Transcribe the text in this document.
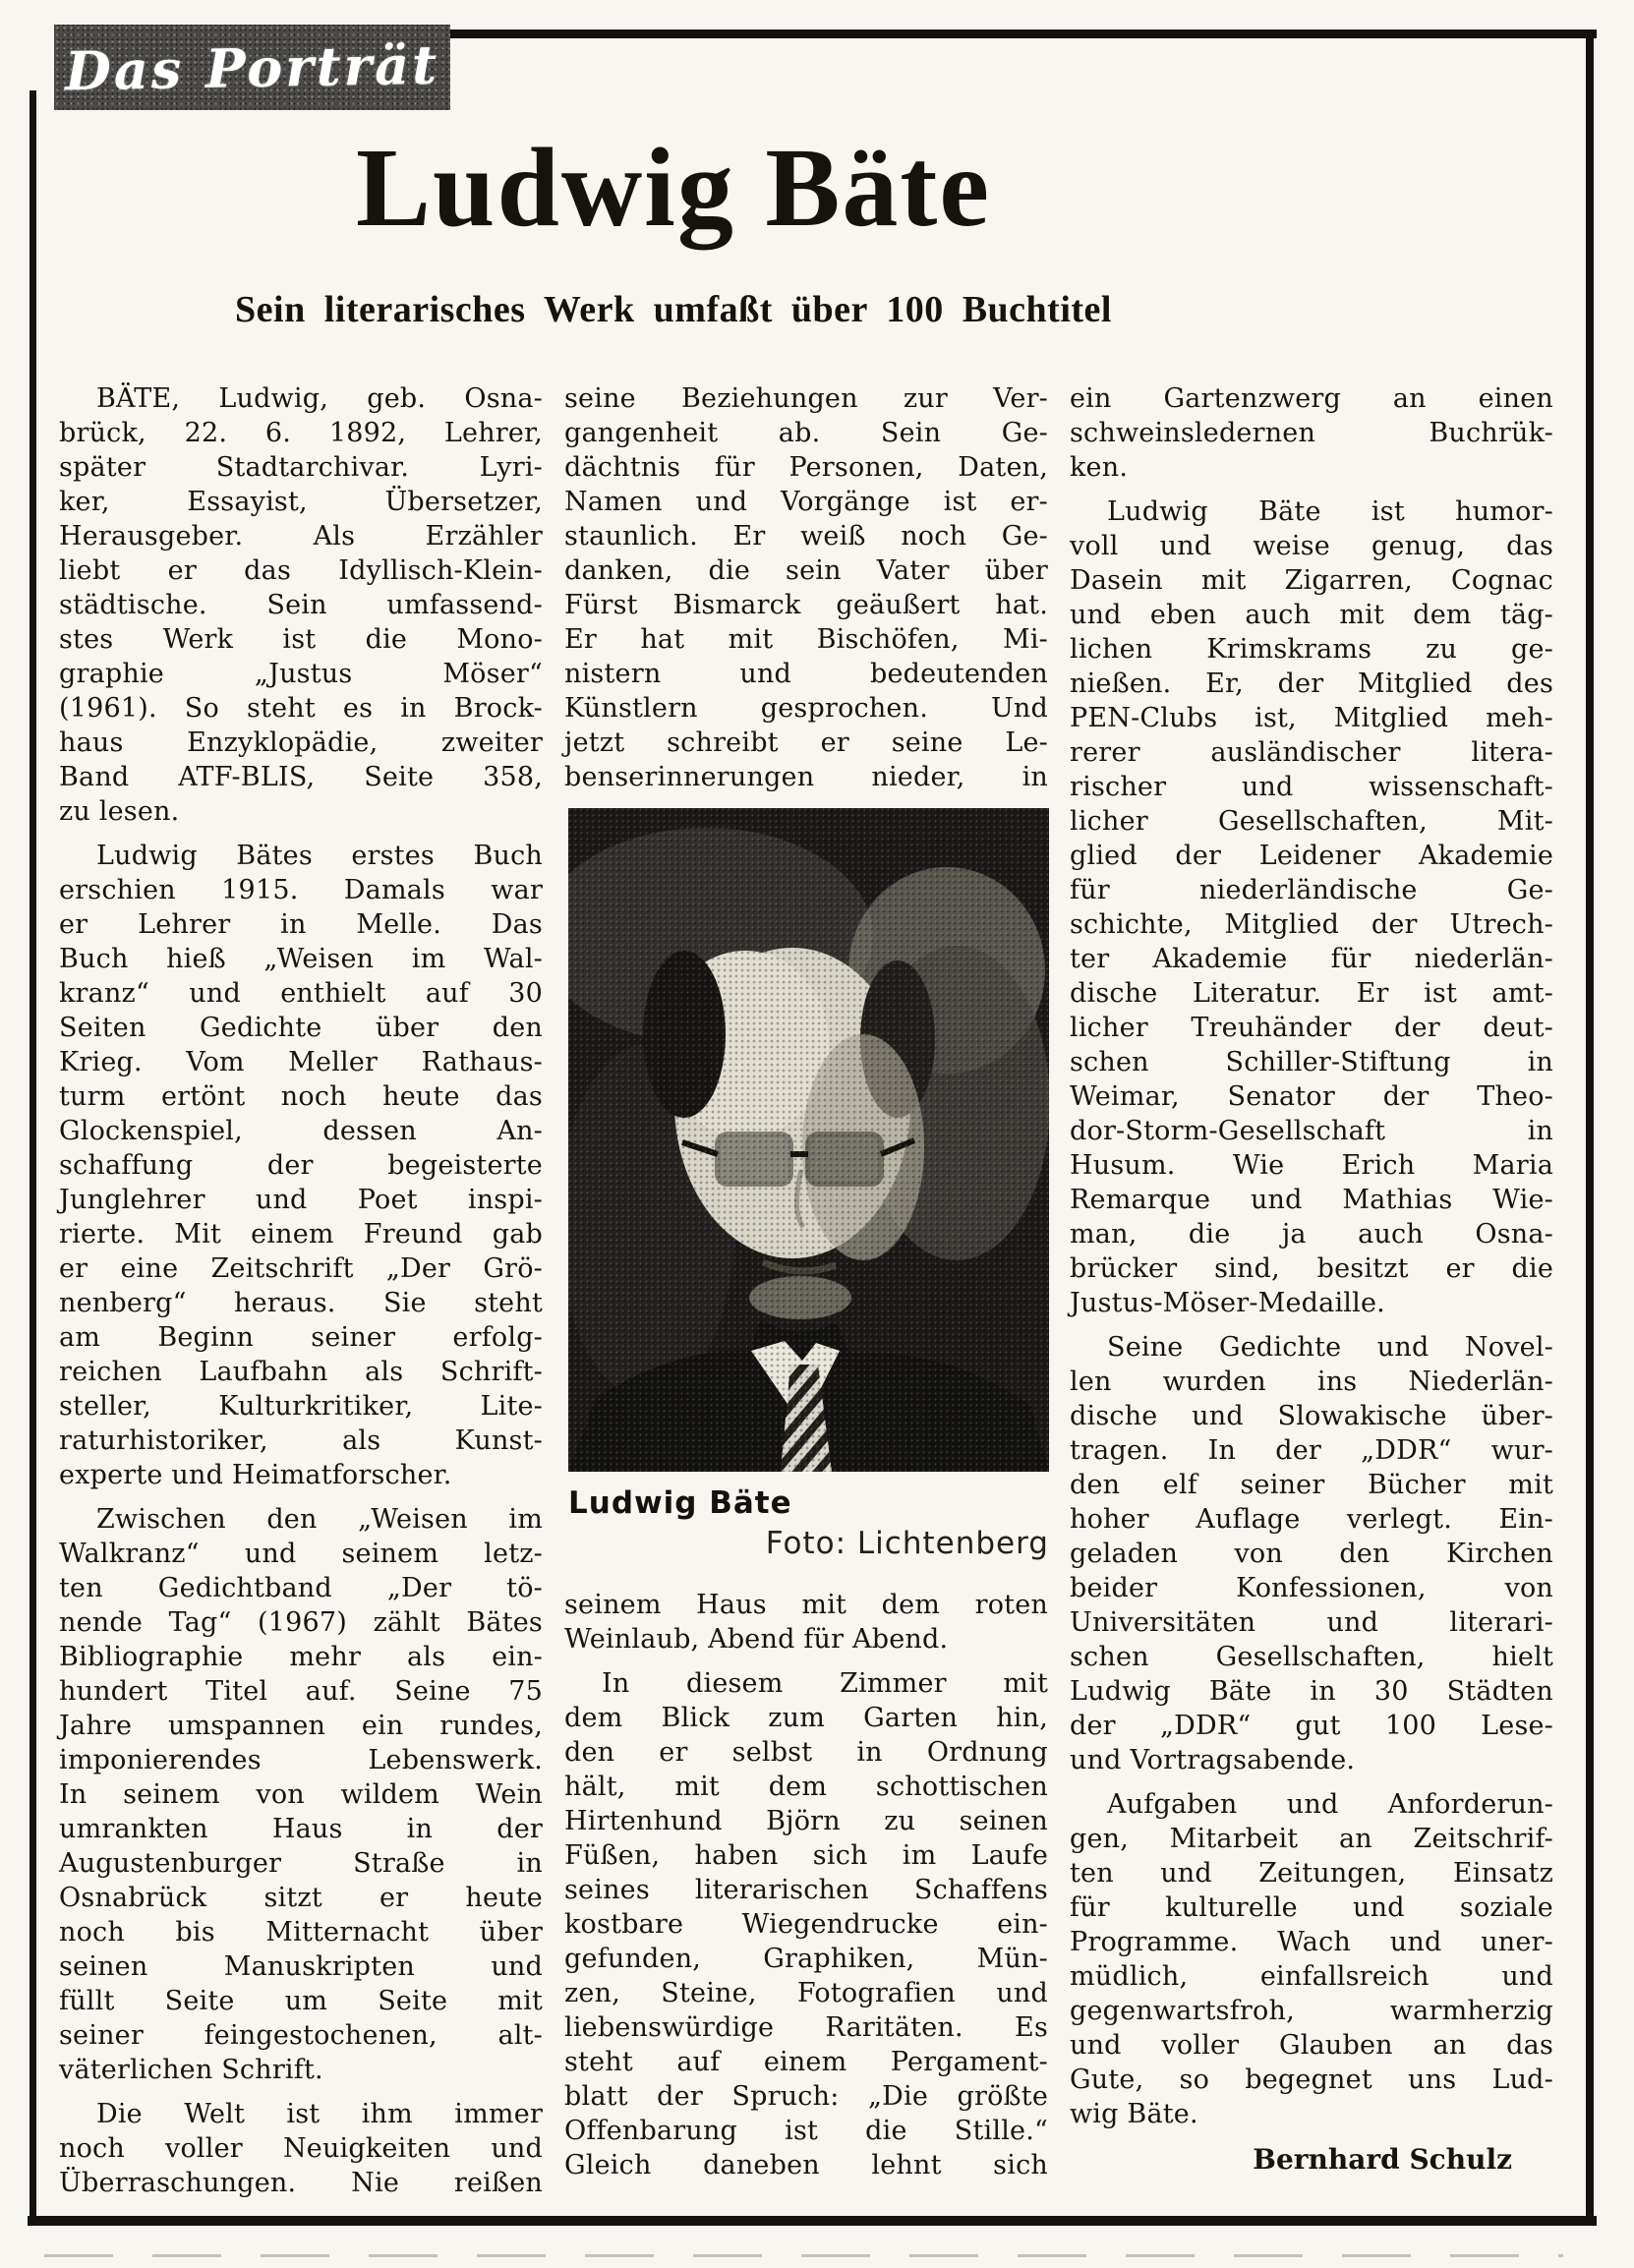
Das Porträt
Ludwig Bäte
Sein literarisches Werk umfaßt über 100 Buchtitel
BÄTE, Ludwig, geb. Osna-
brück, 22. 6. 1892, Lehrer,
später Stadtarchivar. Lyri-
ker, Essayist, Übersetzer,
Herausgeber. Als Erzähler
liebt er das Idyllisch-Klein-
städtische. Sein umfassend-
stes Werk ist die Mono-
graphie „Justus Möser“
(1961). So steht es in Brock-
haus Enzyklopädie, zweiter
Band ATF-BLIS, Seite 358,
zu lesen.
Ludwig Bätes erstes Buch
erschien 1915. Damals war
er Lehrer in Melle. Das
Buch hieß „Weisen im Wal-
kranz“ und enthielt auf 30
Seiten Gedichte über den
Krieg. Vom Meller Rathaus-
turm ertönt noch heute das
Glockenspiel, dessen An-
schaffung der begeisterte
Junglehrer und Poet inspi-
rierte. Mit einem Freund gab
er eine Zeitschrift „Der Grö-
nenberg“ heraus. Sie steht
am Beginn seiner erfolg-
reichen Laufbahn als Schrift-
steller, Kulturkritiker, Lite-
raturhistoriker, als Kunst-
experte und Heimatforscher.
Zwischen den „Weisen im
Walkranz“ und seinem letz-
ten Gedichtband „Der tö-
nende Tag“ (1967) zählt Bätes
Bibliographie mehr als ein-
hundert Titel auf. Seine 75
Jahre umspannen ein rundes,
imponierendes Lebenswerk.
In seinem von wildem Wein
umrankten Haus in der
Augustenburger Straße in
Osnabrück sitzt er heute
noch bis Mitternacht über
seinen Manuskripten und
füllt Seite um Seite mit
seiner feingestochenen, alt-
väterlichen Schrift.
Die Welt ist ihm immer
noch voller Neuigkeiten und
Überraschungen. Nie reißen
seine Beziehungen zur Ver-
gangenheit ab. Sein Ge-
dächtnis für Personen, Daten,
Namen und Vorgänge ist er-
staunlich. Er weiß noch Ge-
danken, die sein Vater über
Fürst Bismarck geäußert hat.
Er hat mit Bischöfen, Mi-
nistern und bedeutenden
Künstlern gesprochen. Und
jetzt schreibt er seine Le-
benserinnerungen nieder, in
Ludwig Bäte
Foto: Lichtenberg
seinem Haus mit dem roten
Weinlaub, Abend für Abend.
In diesem Zimmer mit
dem Blick zum Garten hin,
den er selbst in Ordnung
hält, mit dem schottischen
Hirtenhund Björn zu seinen
Füßen, haben sich im Laufe
seines literarischen Schaffens
kostbare Wiegendrucke ein-
gefunden, Graphiken, Mün-
zen, Steine, Fotografien und
liebenswürdige Raritäten. Es
steht auf einem Pergament-
blatt der Spruch: „Die größte
Offenbarung ist die Stille.“
Gleich daneben lehnt sich
ein Gartenzwerg an einen
schweinsledernen Buchrük-
ken.
Ludwig Bäte ist humor-
voll und weise genug, das
Dasein mit Zigarren, Cognac
und eben auch mit dem täg-
lichen Krimskrams zu ge-
nießen. Er, der Mitglied des
PEN-Clubs ist, Mitglied meh-
rerer ausländischer litera-
rischer und wissenschaft-
licher Gesellschaften, Mit-
glied der Leidener Akademie
für niederländische Ge-
schichte, Mitglied der Utrech-
ter Akademie für niederlän-
dische Literatur. Er ist amt-
licher Treuhänder der deut-
schen Schiller-Stiftung in
Weimar, Senator der Theo-
dor-Storm-Gesellschaft in
Husum. Wie Erich Maria
Remarque und Mathias Wie-
man, die ja auch Osna-
brücker sind, besitzt er die
Justus-Möser-Medaille.
Seine Gedichte und Novel-
len wurden ins Niederlän-
dische und Slowakische über-
tragen. In der „DDR“ wur-
den elf seiner Bücher mit
hoher Auflage verlegt. Ein-
geladen von den Kirchen
beider Konfessionen, von
Universitäten und literari-
schen Gesellschaften, hielt
Ludwig Bäte in 30 Städten
der „DDR“ gut 100 Lese-
und Vortragsabende.
Aufgaben und Anforderun-
gen, Mitarbeit an Zeitschrif-
ten und Zeitungen, Einsatz
für kulturelle und soziale
Programme. Wach und uner-
müdlich, einfallsreich und
gegenwartsfroh, warmherzig
und voller Glauben an das
Gute, so begegnet uns Lud-
wig Bäte.
Bernhard Schulz
